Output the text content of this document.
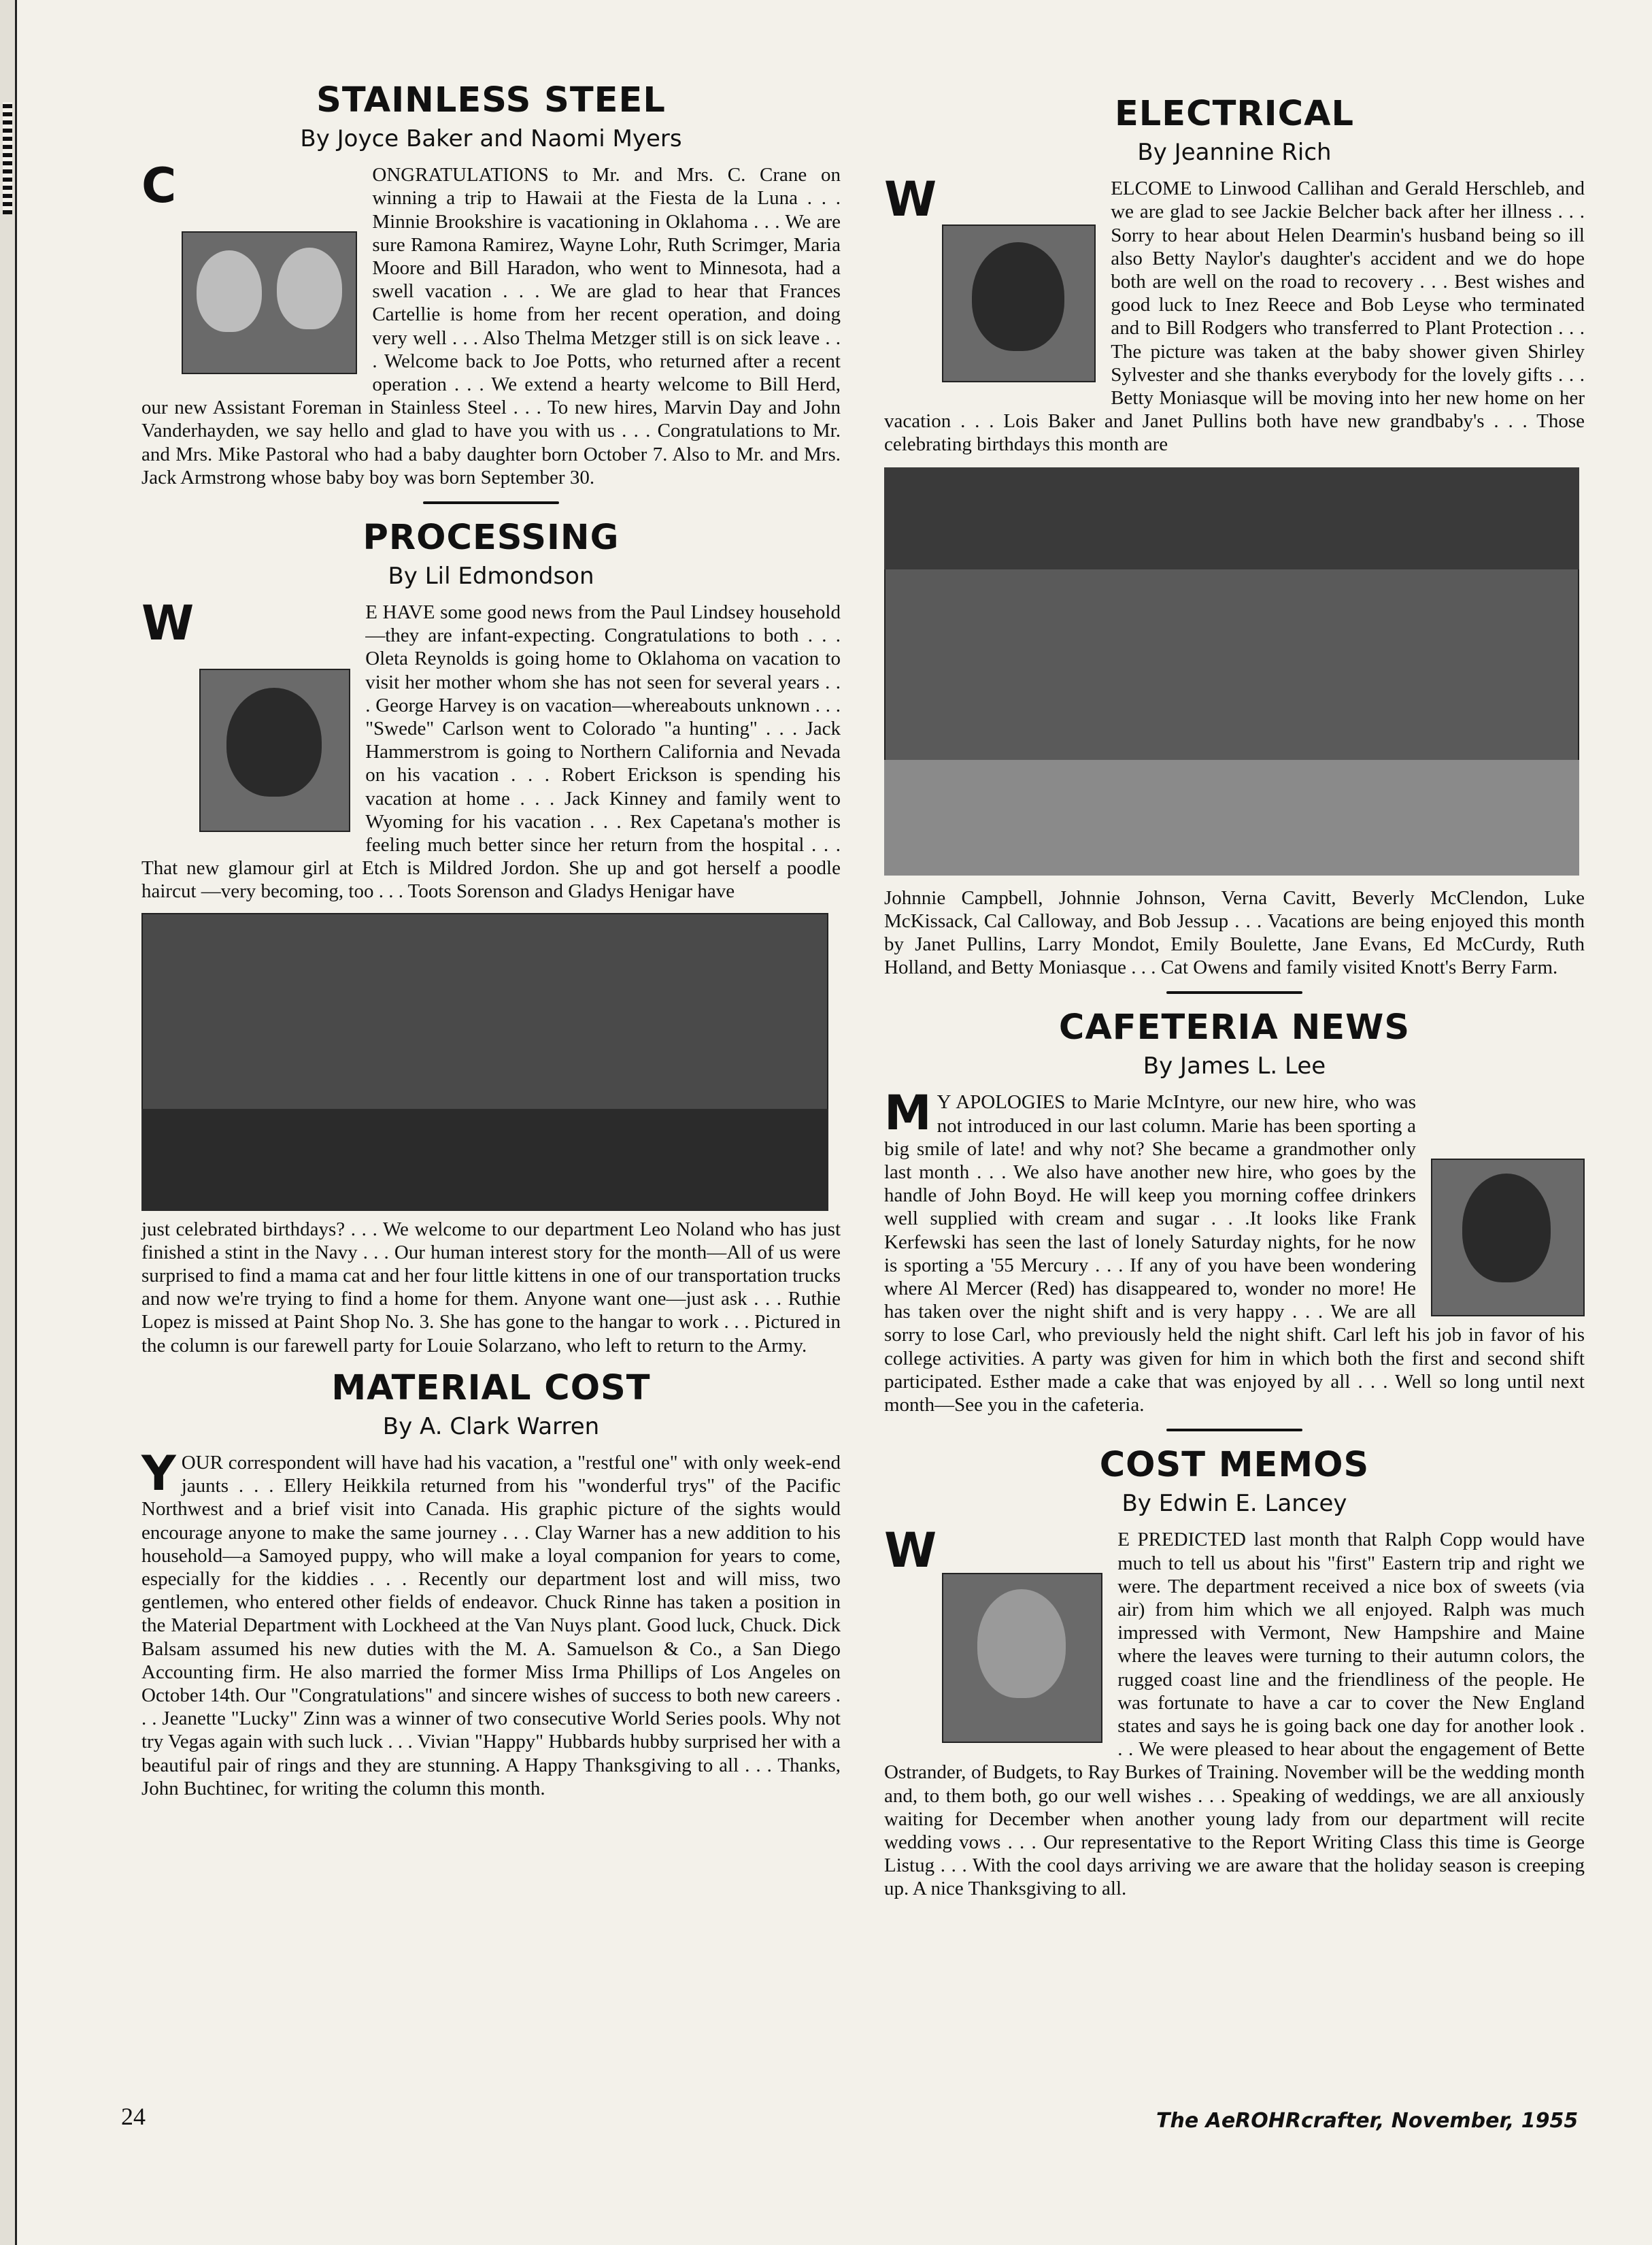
STAINLESS STEEL
By Joyce Baker and Naomi Myers

C	ONGRATULATIONS to Mr. and Mrs. C. Crane on winning a trip to Hawaii at the Fiesta de la Luna . . . Minnie Brookshire is vacationing in Oklahoma . . . We are sure Ramona Ramirez, Wayne Lohr, Ruth Scrimger, Maria Moore and Bill Haradon, who went to Minnesota, had a swell vacation . . . We are glad to hear that Frances Cartellie is home from her recent operation, and doing very well . . . Also Thelma Metzger still is on sick leave . . . Welcome back to Joe Potts, who returned after a recent operation . . . We extend a hearty welcome to Bill Herd, our new Assistant Foreman in Stainless Steel . . . To new hires, Marvin Day and John Vanderhayden, we say hello and glad to have you with us . . . Congratulations to Mr. and Mrs. Mike Pastoral who had a baby daughter born October 7. Also to Mr. and Mrs. Jack Armstrong whose baby boy was born September 30.

PROCESSING
By Lil Edmondson

W	E HAVE some good news from the Paul Lindsey household—they are infant-expecting. Congratulations to both . . . Oleta Reynolds is going home to Oklahoma on vacation to visit her mother whom she has not seen for several years . . . George Harvey is on vacation—whereabouts unknown . . . "Swede" Carlson went to Colorado "a hunting" . . . Jack Hammerstrom is going to Northern California and Nevada on his vacation . . . Robert Erickson is spending his vacation at home . . . Jack Kinney and family went to Wyoming for his vacation . . . Rex Capetana's mother is feeling much better since her return from the hospital . . . That new glamour girl at Etch is Mildred Jordon. She up and got herself a poodle haircut —very becoming, too . . . Toots Sorenson and Gladys Henigar have

just celebrated birthdays? . . . We welcome to our department Leo Noland who has just finished a stint in the Navy . . . Our human interest story for the month—All of us were surprised to find a mama cat and her four little kittens in one of our transportation trucks and now we're trying to find a home for them. Anyone want one—just ask . . . Ruthie Lopez is missed at Paint Shop No. 3. She has gone to the hangar to work . . . Pictured in the column is our farewell party for Louie Solarzano, who left to return to the Army.

MATERIAL COST
By A. Clark Warren

Y OUR correspondent will have had his vacation, a "restful one" with only week-end jaunts . . . Ellery Heikkila returned from his "wonderful trys" of the Pacific Northwest and a brief visit into Canada. His graphic picture of the sights would encourage anyone to make the same journey . . . Clay Warner has a new addition to his household—a Samoyed puppy, who will make a loyal companion for years to come, especially for the kiddies . . . Recently our department lost and will miss, two gentlemen, who entered other fields of endeavor. Chuck Rinne has taken a position in the Material Department with Lockheed at the Van Nuys plant. Good luck, Chuck. Dick Balsam assumed his new duties with the M. A. Samuelson & Co., a San Diego Accounting firm. He also married the former Miss Irma Phillips of Los Angeles on October 14th. Our "Congratulations" and sincere wishes of success to both new careers . . . Jeanette "Lucky" Zinn was a winner of two consecutive World Series pools. Why not try Vegas again with such luck . . . Vivian "Happy" Hubbards hubby surprised her with a beautiful pair of rings and they are stunning. A Happy Thanksgiving to all . . . Thanks, John Buchtinec, for writing the column this month.

ELECTRICAL
By Jeannine Rich

W	ELCOME to Linwood Callihan and Gerald Herschleb, and we are glad to see Jackie Belcher back after her illness . . . Sorry to hear about Helen Dearmin's husband being so ill also Betty Naylor's daughter's accident and we do hope both are well on the road to recovery . . . Best wishes and good luck to Inez Reece and Bob Leyse who terminated and to Bill Rodgers who transferred to Plant Protection . . . The picture was taken at the baby shower given Shirley Sylvester and she thanks everybody for the lovely gifts . . . Betty Moniasque will be moving into her new home on her vacation . . . Lois Baker and Janet Pullins both have new grandbaby's . . . Those celebrating birthdays this month are

Johnnie Campbell, Johnnie Johnson, Verna Cavitt, Beverly McClendon, Luke McKissack, Cal Calloway, and Bob Jessup . . . Vacations are being enjoyed this month by Janet Pullins, Larry Mondot, Emily Boulette, Jane Evans, Ed McCurdy, Ruth Holland, and Betty Moniasque . . . Cat Owens and family visited Knott's Berry Farm.

CAFETERIA NEWS
By James L. Lee

M Y APOLOGIES to Marie McIntyre, our new hire, who was not introduced in our last column. Marie has been sporting a big smile of late! and why not? She became a grandmother only last month . . . We also have another new hire, who goes by the handle of John Boyd. He will keep you morning coffee drinkers well supplied with cream and sugar . . .It looks like Frank Kerfewski has seen the last of lonely Saturday nights, for he now is sporting a '55 Mercury . . . If any of you have been wondering where Al Mercer (Red) has disappeared to, wonder no more! He has taken over the night shift and is very happy . . . We are all sorry to lose Carl, who previously held the night shift. Carl left his job in favor of his college activities. A party was given for him in which both the first and second shift participated. Esther made a cake that was enjoyed by all . . . Well so long until next month—See you in the cafeteria.

COST MEMOS
By Edwin E. Lancey

W	E PREDICTED last month that Ralph Copp would have much to tell us about his "first" Eastern trip and right we were. The department received a nice box of sweets (via air) from him which we all enjoyed. Ralph was much impressed with Vermont, New Hampshire and Maine where the leaves were turning to their autumn colors, the rugged coast line and the friendliness of the people. He was fortunate to have a car to cover the New England states and says he is going back one day for another look . . . We were pleased to hear about the engagement of Bette Ostrander, of Budgets, to Ray Burkes of Training. November will be the wedding month and, to them both, go our well wishes . . . Speaking of weddings, we are all anxiously waiting for December when another young lady from our department will recite wedding vows . . . Our representative to the Report Writing Class this time is George Listug . . . With the cool days arriving we are aware that the holiday season is creeping up. A nice Thanksgiving to all.

24	The AeROHRcrafter, November, 1955
